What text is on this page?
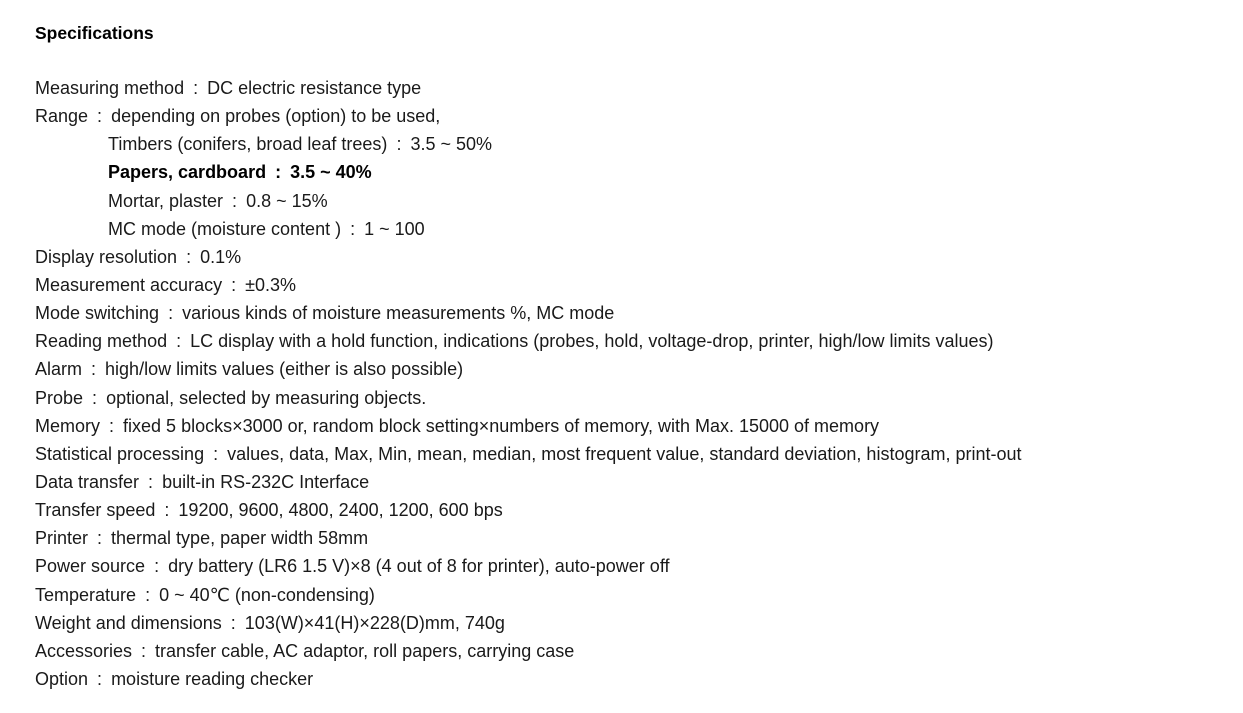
Specifications
Measuring method : DC electric resistance type
Range : depending on probes (option) to be used,
Timbers (conifers, broad leaf trees) : 3.5 ~ 50%
Papers, cardboard : 3.5 ~ 40%
Mortar, plaster : 0.8 ~ 15%
MC mode (moisture content ) : 1 ~ 100
Display resolution : 0.1%
Measurement accuracy : ±0.3%
Mode switching : various kinds of moisture measurements %, MC mode
Reading method : LC display with a hold function, indications (probes, hold, voltage-drop, printer, high/low limits values)
Alarm : high/low limits values (either is also possible)
Probe : optional, selected by measuring objects.
Memory : fixed 5 blocks×3000 or, random block setting×numbers of memory, with Max. 15000 of memory
Statistical processing : values, data, Max, Min, mean, median, most frequent value, standard deviation, histogram, print-out
Data transfer : built-in RS-232C Interface
Transfer speed : 19200, 9600, 4800, 2400, 1200, 600 bps
Printer : thermal type, paper width 58mm
Power source : dry battery (LR6 1.5 V)×8 (4 out of 8 for printer), auto-power off
Temperature : 0 ~ 40℃ (non-condensing)
Weight and dimensions : 103(W)×41(H)×228(D)mm, 740g
Accessories : transfer cable, AC adaptor, roll papers, carrying case
Option : moisture reading checker
